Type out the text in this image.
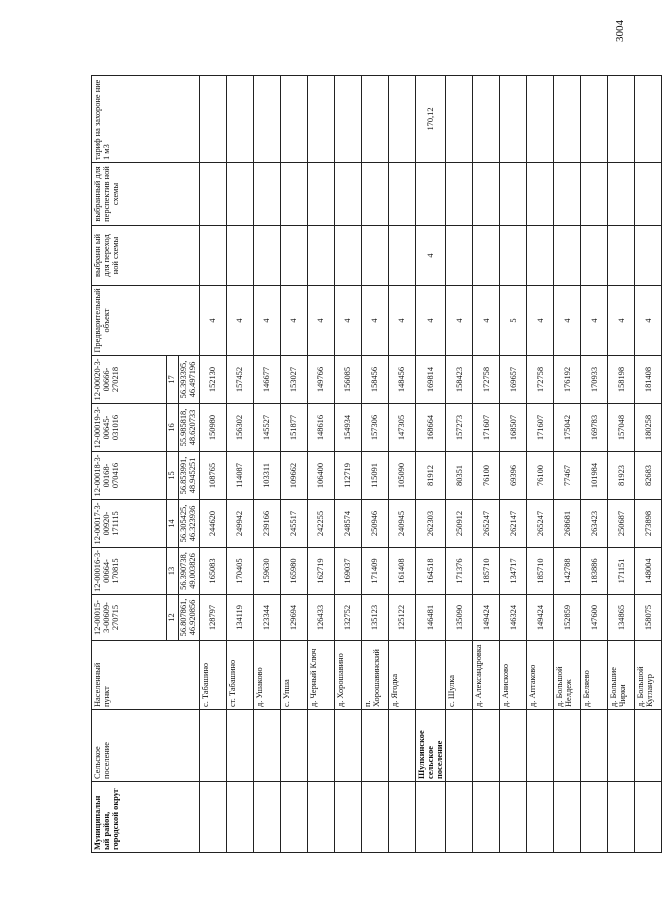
3004
Муниципальн ый район, городской округ	Сельское поселение	Населенный пункт	12-00015-3-00609-270715	12-00016-3-00664-170815	12-00017-3-00920-171115	12-00018-3-00168-070416	12-00019-3-00645-031016	12-00020-3-00666-270218	Предварительный объект	выбранн ый для переход ной схемы	выбранный для перспектив ной схемы	тариф на захороне ние 1 м3
			12	13	14	15	16	17				
			56.807861, 46.920856	56.390738, 49.003826	56.305425, 46.323936	56.853991, 48.945251	55.985818, 48.620733	56.393395, 46.497196				
		с. Табашино	128797	165083	244620	108765	150980	152130	4			
		ст. Табашино	134119	170405	249942	114087	156302	157452	4			
		д. Ушаково	123344	159630	239166	103311	145527	146677	4			
		с. Упша	129694	165980	245517	109662	151877	153027	4			
		д. Черный Ключ	126433	162719	242255	106400	148616	149766	4			
		д. Хорошавино	132752	169037	248574	112719	154934	156085	4			
		п. Хорошавинский	135123	171409	250946	115091	157306	158456	4			
		д. Ягодка	125122	161408	240945	105090	147305	148456	4			
	Шулкинское сельское поселение		146481	164518	262303	81912	168664	169814	4	4		170,12
		с. Шулка	135090	171376	250912	80351	157273	158423	4			
		д. Александровка	149424	185710	265247	76100	171607	172758	4			
		д. Анисково	146324	134717	262147	69396	168507	169657	5			
		д. Аптаково	149424	185710	265247	76100	171607	172758	4			
		д. Большой Нелдеж	152859	142788	268681	77467	175042	176192	4			
		д. Беляево	147600	183886	263423	101984	169783	170933	4			
		д. Большие Чирки	134865	171151	250687	81923	157048	158198	4			
		д. Большой Кугланур	158075	148004	273898	82683	180258	181408	4			
